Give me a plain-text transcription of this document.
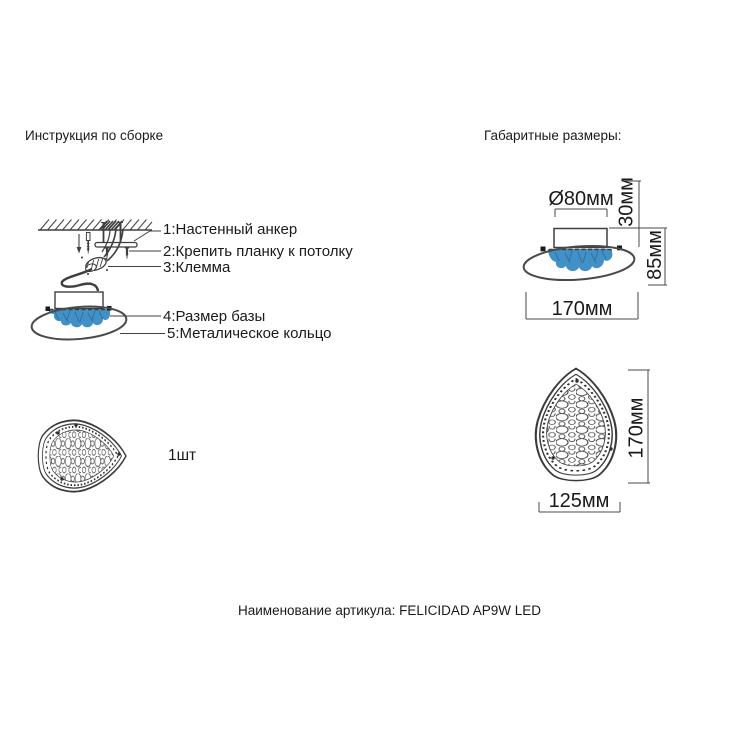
Инструкция по сборке	Габаритные размеры:
1:Настенный анкер
2:Крепить планку к потолку
3:Клемма
4:Размер базы
5:Металическое кольцо
1шт
Ø80мм 30мм
85мм
170мм
170мм
125мм
Наименование артикула: FELICIDAD AP9W LED
